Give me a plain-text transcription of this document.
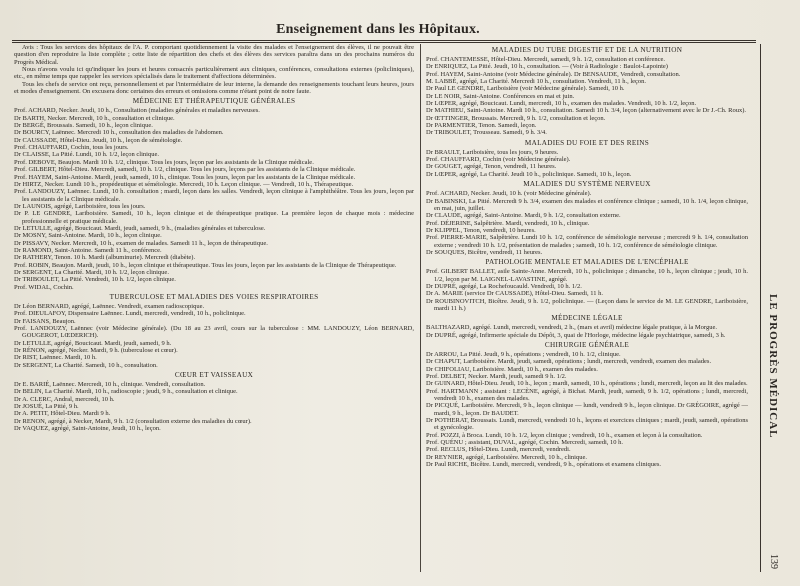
Enseignement dans les Hôpitaux.

Avis : Tous les services des hôpitaux de l'A. P. comportant quotidiennement la visite des malades et l'enseignement des élèves, il ne pouvait être question d'en reproduire la liste complète ; cette liste de répartition des chefs et des élèves des services paraîtra dans un des prochains numéros du Progrès Médical.

Nous n'avons voulu ici qu'indiquer les jours et heures consacrés particulièrement aux cliniques, conférences, consultations externes (policliniques), etc., en même temps que rappeler les services spécialisés dans le traitement d'affections déterminées.

Tous les chefs de service ont reçu, personnellement et par l'intermédiaire de leur interne, la demande des renseignements touchant leurs heures, jours et modes d'enseignement. On excusera donc certaines des erreurs et omissions comme n'étant point de notre faute.

MÉDECINE ET THÉRAPEUTIQUE GÉNÉRALES

Prof. ACHARD, Necker. Jeudi, 10 h., Consultation (maladies générales et maladies nerveuses.

Dr BARTH, Necker. Mercredi, 10 h., consultation et clinique.

Dr BERGÉ, Broussais. Samedi, 10 h., leçon clinique.

Dr BOURCY, Laënnec. Mercredi 10 h., consultation des maladies de l'abdomen.

Dr CAUSSADE, Hôtel-Dieu. Jeudi, 10 h., leçon de séméiologie.

Prof. CHAUFFARD, Cochin, tous les jours.

Dr CLAISSE, La Pitié. Lundi, 10 h. 1/2, leçon clinique.

Prof. DEBOVE, Beaujon. Mardi 10 h. 1/2, clinique. Tous les jours, leçon par les assistants de la Clinique médicale.

Prof. GILBERT, Hôtel-Dieu. Mercredi, samedi, 10 h. 1/2, clinique. Tous les jours, leçons par les assistants de la Clinique médicale.

Prof. HAYEM, Saint-Antoine. Mardi, jeudi, samedi, 10 h., clinique. Tous les jours, leçon par les assistants de la Clinique médicale.

Dr HIRTZ, Necker. Lundi 10 h., propédeutique et séméiologie. Mercredi, 10 h. Leçon clinique. — Vendredi, 10 h., Thérapeutique.

Prof. LANDOUZY, Laënnec. Lundi, 10 h. consultation ; mardi, leçon dans les salles. Vendredi, leçon clinique à l'amphithéâtre. Tous les jours, leçon par les assistants de la Clinique médicale.

Dr LAUNOIS, agrégé, Lariboisière, tous les jours.

Dr P. LE GENDRE, Lariboisière. Samedi, 10 h., leçon clinique et de thérapeutique pratique. La première leçon de chaque mois : médecine professionnelle et pratique médicale.

Dr LETULLE, agrégé, Boucicaut. Mardi, jeudi, samedi, 9 h., (maladies générales et tuberculose.

Dr MOSNY, Saint-Antoine. Mardi, 10 h., leçon clinique.

Dr PISSAVY, Necker. Mercredi, 10 h., examen de malades. Samedi 11 h., leçon de thérapeutique.

Dr RAMOND, Saint-Antoine. Samedi 11 h., conférence.

Dr RATHERY, Tenon. 10 h. Mardi (albuminurie). Mercredi (diabète).

Prof. ROBIN, Beaujon. Mardi, jeudi, 10 h., leçon clinique et thérapeutique. Tous les jours, leçon par les assistants de la Clinique de Thérapeutique.

Dr SERGENT, La Charité. Mardi, 10 h. 1/2, leçon clinique.

Dr TRIBOULET, La Pitié. Vendredi, 10 h. 1/2, leçon clinique.

Prof. WIDAL, Cochin.

TUBERCULOSE ET MALADIES DES VOIES RESPIRATOIRES

Dr Léon BERNARD, agrégé, Laënnec. Vendredi, examen radioscopique.

Prof. DIEULAFOY, Dispensaire Laënnec. Lundi, mercredi, vendredi, 10 h., policlinique.

Dr FAISANS, Beaujon.

Prof. LANDOUZY, Laënnec (voir Médecine générale). (Du 18 au 23 avril, cours sur la tuberculose : MM. LANDOUZY, Léon BERNARD, GOUGEROT, LŒDERICH).

Dr LETULLE, agrégé, Boucicaut. Mardi, jeudi, samedi, 9 h.

Dr RÉNON, agrégé, Necker. Mardi, 9 h. (tuberculose et cœur).

Dr RIST, Laënnec. Mardi, 10 h.

Dr SERGENT, La Charité. Samedi, 10 h., consultation.

CŒUR ET VAISSEAUX

Dr E. BARIÉ, Laënnec. Mercredi, 10 h., clinique. Vendredi, consultation.

Dr BELIN, La Charité. Mardi, 10 h., radioscopie ; jeudi, 9 h., consultation et clinique.

Dr A. CLERC, Andral, mercredi, 10 h.

Dr JOSUÉ, La Pitié, 9 h.

Dr A. PETIT, Hôtel-Dieu. Mardi 9 h.

Dr RENON, agrégé, à Necker, Mardi, 9 h. 1/2 (consultation externe des maladies du cœur).

Dr VAQUEZ, agrégé, Saint-Antoine, Jeudi, 10 h., leçon.

MALADIES DU TUBE DIGESTIF ET DE LA NUTRITION

Prof. CHANTEMESSE, Hôtel-Dieu. Mercredi, samedi, 9 h. 1/2, consultation et conférence.

Dr ENRIQUEZ, La Pitié. Jeudi, 10 h., consultation. — (Voir à Radiologie : Baulot-Lapointe)

Prof. HAYEM, Saint-Antoine (voir Médecine générale). Dr BENSAUDE, Vendredi, consultation.

M. LABBÉ, agrégé, La Charité. Mercredi 10 h., consultation. Vendredi, 11 h., leçon.

Dr Paul LE GENDRE, Lariboisière (voir Médecine générale). Samedi, 10 h.

Dr LE NOIR, Saint-Antoine. Conférences en mai et juin.

Dr LŒPER, agrégé, Boucicaut. Lundi, mercredi, 10 h., examen des malades. Vendredi, 10 h. 1/2, leçon.

Dr MATHIEU, Saint-Antoine. Mardi 10 h., consultation. Samedi 10 h. 3/4, leçon (alternativement avec le Dr J.-Ch. Roux).

Dr ŒTTINGER, Broussais. Mercredi, 9 h. 1/2, consultation et leçon.

Dr PARMENTIER, Tenon. Samedi, leçon.

Dr TRIBOULET, Trousseau. Samedi, 9 h. 3/4.

MALADIES DU FOIE ET DES REINS

Dr BRAULT, Lariboisière, tous les jours, 9 heures.

Prof. CHAUFFARD, Cochin (voir Médecine générale).

Dr GOUGET, agrégé, Tenon, vendredi, 11 heures.

Dr LŒPER, agrégé, La Charité. Jeudi 10 h., policlinique. Samedi, 10 h., leçon.

MALADIES DU SYSTÈME NERVEUX

Prof. ACHARD, Necker. Jeudi, 10 h. (voir Médecine générale).

Dr BABINSKI, La Pitié. Mercredi 9 h. 3/4, examen des malades et conférence clinique ; samedi, 10 h. 1/4, leçon clinique, en mai, juin, juillet.

Dr CLAUDE, agrégé, Saint-Antoine. Mardi, 9 h. 1/2, consultation externe.

Prof. DÉJERINE, Salpêtrière. Mardi, vendredi, 10 h., clinique.

Dr KLIPPEL, Tenon, vendredi, 10 heures.

Prof. PIERRE-MARIE, Salpêtrière. Lundi 10 h. 1/2, conférence de séméiologie nerveuse ; mercredi 9 h. 1/4, consultation externe ; vendredi 10 h. 1/2, présentation de malades ; samedi, 10 h. 1/2, conférence de séméiologie clinique.

Dr SOUQUES, Bicêtre, vendredi, 11 heures.

PATHOLOGIE MENTALE ET MALADIES DE L'ENCÉPHALE

Prof. GILBERT BALLET, asile Sainte-Anne. Mercredi, 10 h., policlinique ; dimanche, 10 h., leçon clinique ; jeudi, 10 h. 1/2, leçon par M. LAIGNEL-LAVASTINE, agrégé.

Dr DUPRÉ, agrégé, La Rochefoucauld. Vendredi, 10 h. 1/2.

Dr A. MARIE (service Dr CAUSSADE), Hôtel-Dieu. Samedi, 11 h.

Dr ROUBINOVITCH, Bicêtre. Jeudi, 9 h. 1/2, policlinique. — (Leçon dans le service de M. LE GENDRE, Lariboisière, mardi 11 h.)

MÉDECINE LÉGALE

BALTHAZARD, agrégé. Lundi, mercredi, vendredi, 2 h., (mars et avril) médecine légale pratique, à la Morgue.

Dr DUPRÉ, agrégé, Infirmerie spéciale du Dépôt, 3, quai de l'Horloge, médecine légale psychiatrique, samedi, 3 h.

CHIRURGIE GÉNÉRALE

Dr ARROU, La Pitié. Jeudi, 9 h., opérations ; vendredi, 10 h. 1/2, clinique.

Dr CHAPUT, Lariboisière. Mardi, jeudi, samedi, opérations ; lundi, mercredi, vendredi, examen des malades.

Dr CHIFOLIAU, Lariboisière. Mardi, 10 h., examen des malades.

Prof. DELBET, Necker. Mardi, jeudi, samedi 9 h. 1/2.

Dr GUINARD, Hôtel-Dieu. Jeudi, 10 h., leçon ; mardi, samedi, 10 h., opérations ; lundi, mercredi, leçon au lit des malades.

Prof. HARTMANN ; assistant : LECÈNE, agrégé, à Bichat. Mardi, jeudi, samedi, 9 h. 1/2, opérations ; lundi, mercredi, vendredi 10 h., examen des malades.

Dr PICQUÉ, Lariboisière. Mercredi, 9 h., leçon clinique — lundi, vendredi 9 h., leçon clinique. Dr GRÉGOIRE, agrégé — mardi, 9 h., leçon. Dr BAUDET.

Dr POTHERAT, Broussais. Lundi, mercredi, vendredi 10 h., leçons et exercices cliniques ; mardi, jeudi, samedi, opérations et gynécologie.

Prof. POZZI, à Broca. Lundi, 10 h. 1/2, leçon clinique ; vendredi, 10 h., examen et leçon à la consultation.

Prof. QUÉNU ; assistant, DUVAL, agrégé, Cochin. Mercredi, samedi, 10 h.

Prof. RECLUS, Hôtel-Dieu. Lundi, mercredi, vendredi.

Dr REYNIER, agrégé, Lariboisière. Mercredi, 10 h., clinique.

Dr Paul RICHE, Bicêtre. Lundi, mercredi, vendredi, 9 h., opérations et examens cliniques.

LE PROGRÈS MÉDICAL
139
